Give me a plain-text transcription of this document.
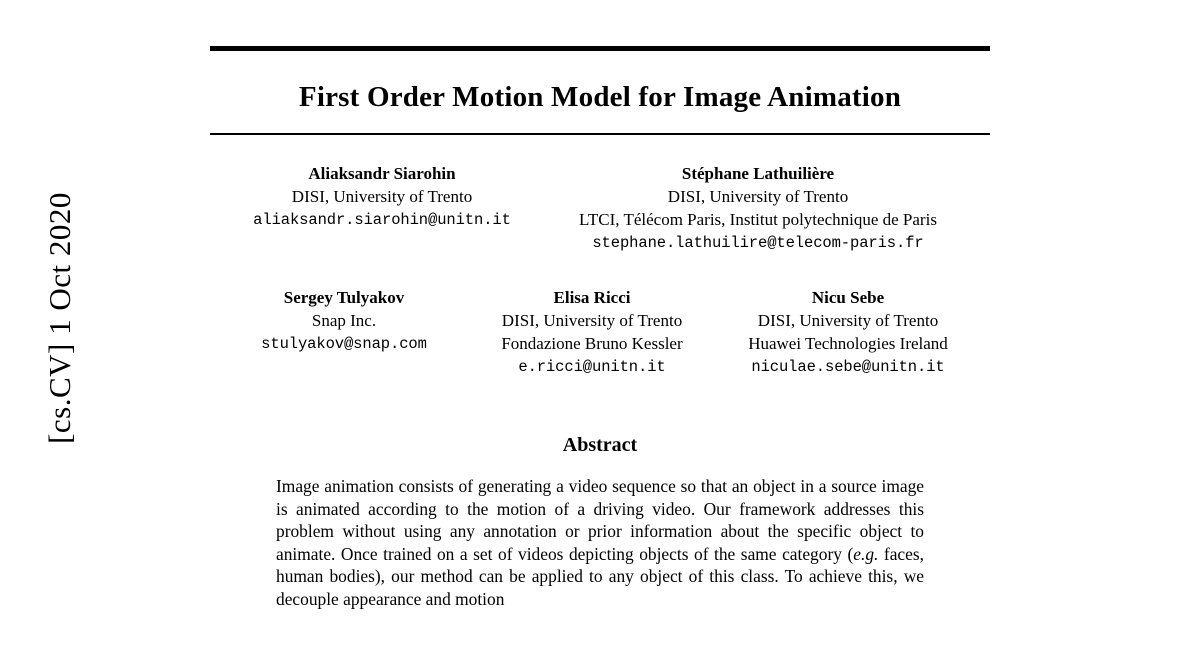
[cs.CV] 1 Oct 2020
First Order Motion Model for Image Animation
Aliaksandr Siarohin
DISI, University of Trento
aliaksandr.siarohin@unitn.it
Stéphane Lathuilière
DISI, University of Trento
LTCI, Télécom Paris, Institut polytechnique de Paris
stephane.lathuilire@telecom-paris.fr
Sergey Tulyakov
Snap Inc.
stulyakov@snap.com
Elisa Ricci
DISI, University of Trento
Fondazione Bruno Kessler
e.ricci@unitn.it
Nicu Sebe
DISI, University of Trento
Huawei Technologies Ireland
niculae.sebe@unitn.it
Abstract
Image animation consists of generating a video sequence so that an object in a source image is animated according to the motion of a driving video. Our framework addresses this problem without using any annotation or prior information about the specific object to animate. Once trained on a set of videos depicting objects of the same category (e.g. faces, human bodies), our method can be applied to any object of this class. To achieve this, we decouple appearance and motion
